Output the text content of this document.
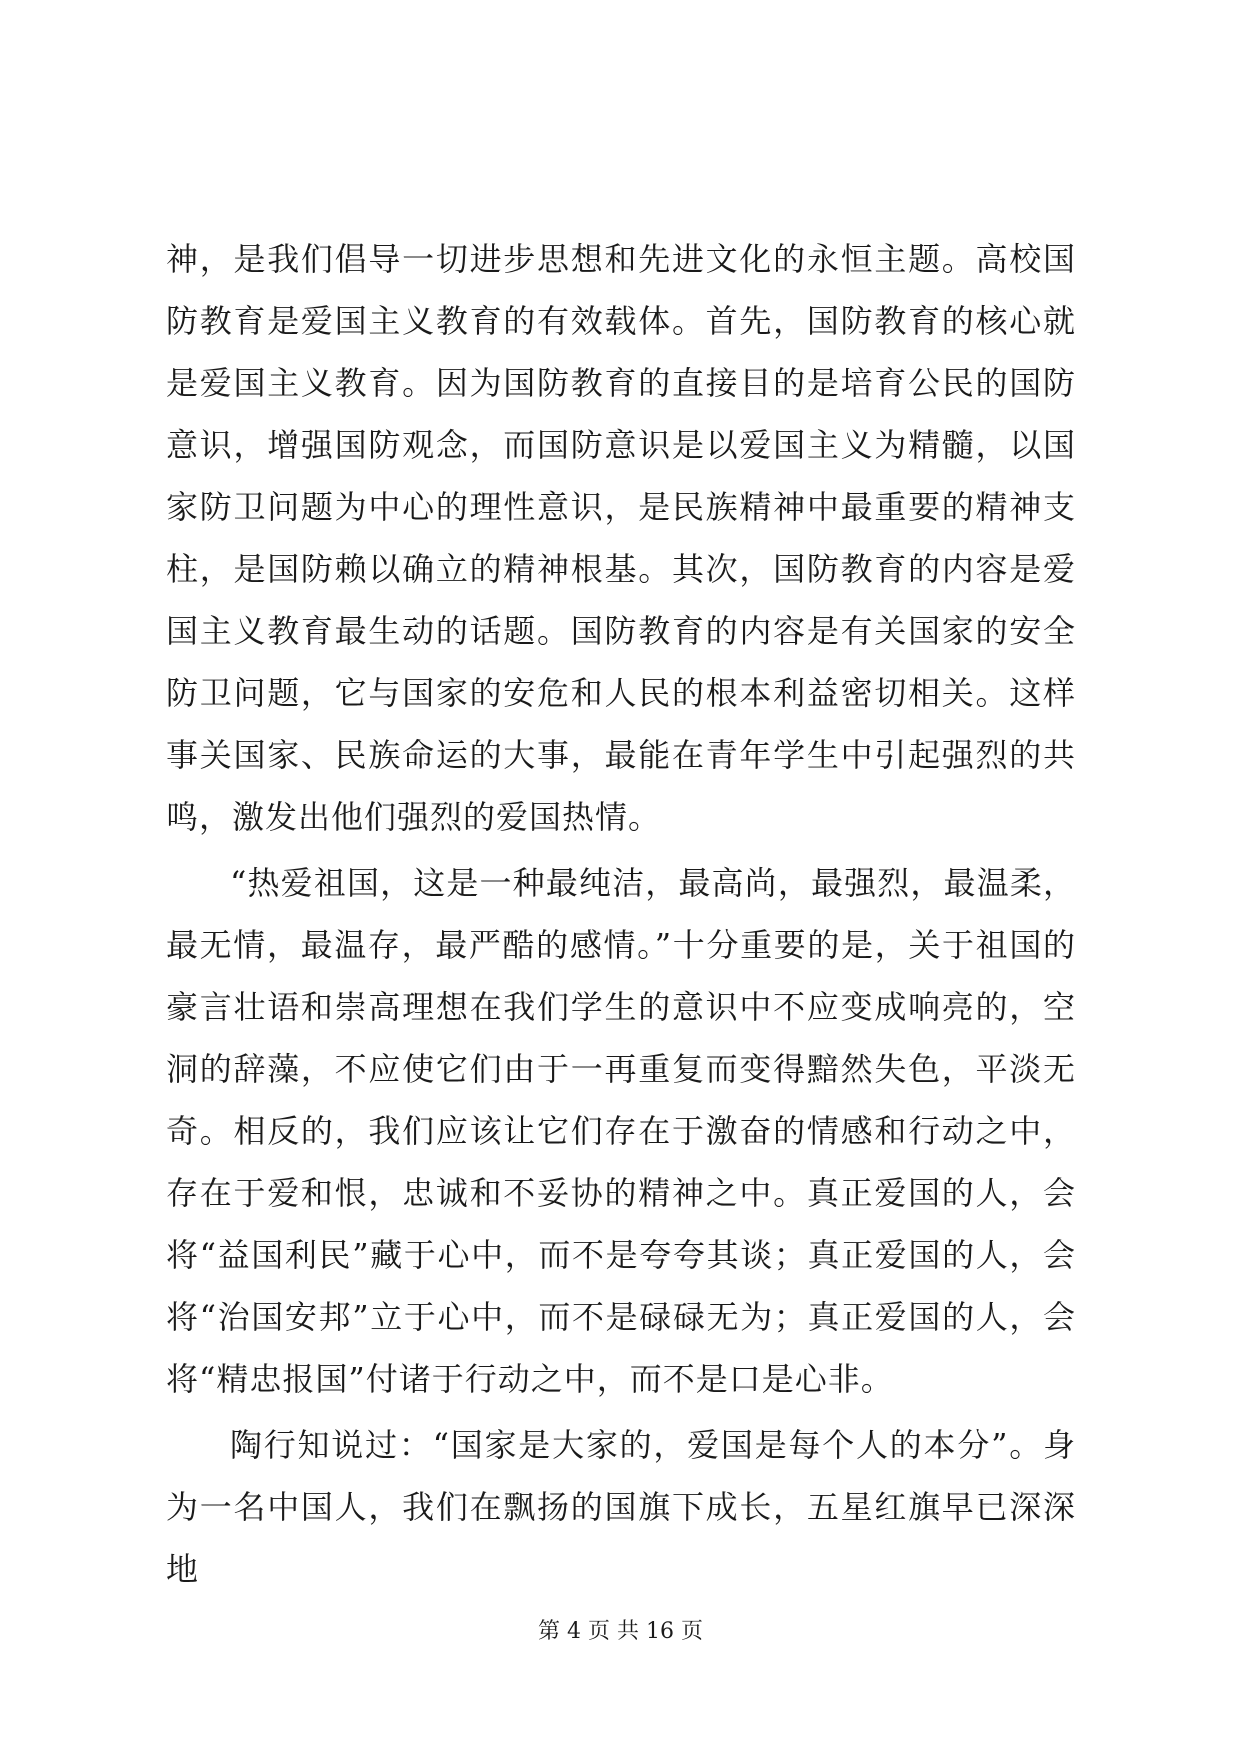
神，是我们倡导一切进步思想和先进文化的永恒主题。高校国防教育是爱国主义教育的有效载体。首先，国防教育的核心就是爱国主义教育。因为国防教育的直接目的是培育公民的国防意识，增强国防观念，而国防意识是以爱国主义为精髓，以国家防卫问题为中心的理性意识，是民族精神中最重要的精神支柱，是国防赖以确立的精神根基。其次，国防教育的内容是爱国主义教育最生动的话题。国防教育的内容是有关国家的安全防卫问题，它与国家的安危和人民的根本利益密切相关。这样事关国家、民族命运的大事，最能在青年学生中引起强烈的共鸣，激发出他们强烈的爱国热情。

“热爱祖国，这是一种最纯洁，最高尚，最强烈，最温柔，最无情，最温存，最严酷的感情。”十分重要的是，关于祖国的豪言壮语和崇高理想在我们学生的意识中不应变成响亮的，空洞的辞藻，不应使它们由于一再重复而变得黯然失色，平淡无奇。相反的，我们应该让它们存在于激奋的情感和行动之中，存在于爱和恨，忠诚和不妥协的精神之中。真正爱国的人，会将“益国利民”藏于心中，而不是夸夸其谈；真正爱国的人，会将“治国安邦”立于心中，而不是碌碌无为；真正爱国的人，会将“精忠报国”付诸于行动之中，而不是口是心非。

陶行知说过：“国家是大家的，爱国是每个人的本分”。身为一名中国人，我们在飘扬的国旗下成长，五星红旗早已深深地

第 4 页 共 16 页
